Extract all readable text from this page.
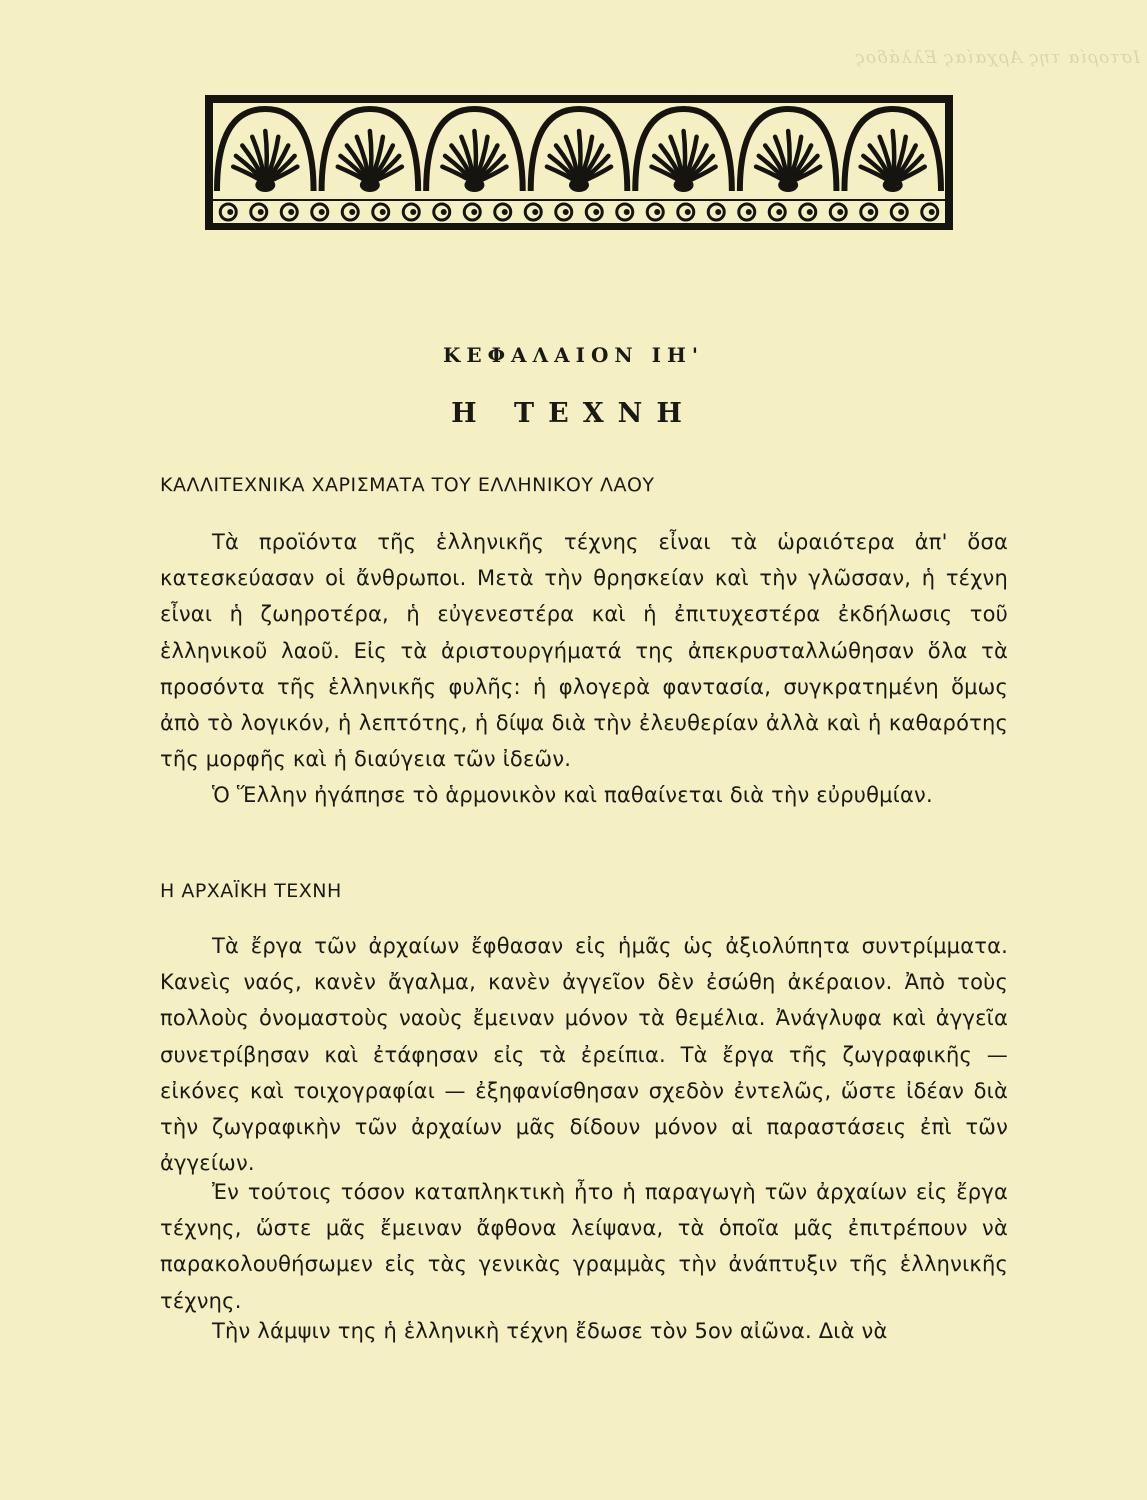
Ιστορία της Αρχαίας Ελλάδος
ΚΕΦΑΛΑΙΟΝ ΙΗ'
Η ΤΕΧΝΗ
ΚΑΛΛΙΤΕΧΝΙΚΑ ΧΑΡΙΣΜΑΤΑ ΤΟΥ ΕΛΛΗΝΙΚΟΥ ΛΑΟΥ

Τὰ προϊόντα τῆς ἑλληνικῆς τέχνης εἶναι τὰ ὡραιότερα ἀπ' ὅσα κατεσκεύασαν οἱ ἄνθρωποι. Μετὰ τὴν θρησκείαν καὶ τὴν γλῶσσαν, ἡ τέχνη εἶναι ἡ ζωηροτέρα, ἡ εὐγενεστέρα καὶ ἡ ἐπιτυχεστέρα ἐκδήλωσις τοῦ ἑλληνικοῦ λαοῦ. Εἰς τὰ ἀριστουργήματά της ἀπεκρυσταλλώθησαν ὅλα τὰ προσόντα τῆς ἑλληνικῆς φυλῆς: ἡ φλογερὰ φαντασία, συγκρατημένη ὅμως ἀπὸ τὸ λογικόν, ἡ λεπτότης, ἡ δίψα διὰ τὴν ἐλευθερίαν ἀλλὰ καὶ ἡ καθαρότης τῆς μορφῆς καὶ ἡ διαύγεια τῶν ἰδεῶν.

Ὁ Ἕλλην ἠγάπησε τὸ ἁρμονικὸν καὶ παθαίνεται διὰ τὴν εὐρυθμίαν.

Η ΑΡΧΑΪΚΗ ΤΕΧΝΗ

Τὰ ἔργα τῶν ἀρχαίων ἔφθασαν εἰς ἡμᾶς ὡς ἀξιολύπητα συντρίμματα. Κανεὶς ναός, κανὲν ἄγαλμα, κανὲν ἀγγεῖον δὲν ἐσώθη ἀκέραιον. Ἀπὸ τοὺς πολλοὺς ὀνομαστοὺς ναοὺς ἔμειναν μόνον τὰ θεμέλια. Ἀνάγλυφα καὶ ἀγγεῖα συνετρίβησαν καὶ ἐτάφησαν εἰς τὰ ἐρείπια. Τὰ ἔργα τῆς ζωγραφικῆς — εἰκόνες καὶ τοιχογραφίαι — ἐξηφανίσθησαν σχεδὸν ἐντελῶς, ὥστε ἰδέαν διὰ τὴν ζωγραφικὴν τῶν ἀρχαίων μᾶς δίδουν μόνον αἱ παραστάσεις ἐπὶ τῶν ἀγγείων.

Ἐν τούτοις τόσον καταπληκτικὴ ἦτο ἡ παραγωγὴ τῶν ἀρχαίων εἰς ἔργα τέχνης, ὥστε μᾶς ἔμειναν ἄφθονα λείψανα, τὰ ὁποῖα μᾶς ἐπιτρέπουν νὰ παρακολουθήσωμεν εἰς τὰς γενικὰς γραμμὰς τὴν ἀνάπτυξιν τῆς ἑλληνικῆς τέχνης.

Τὴν λάμψιν της ἡ ἑλληνικὴ τέχνη ἔδωσε τὸν 5ον αἰῶνα. Διὰ νὰ
